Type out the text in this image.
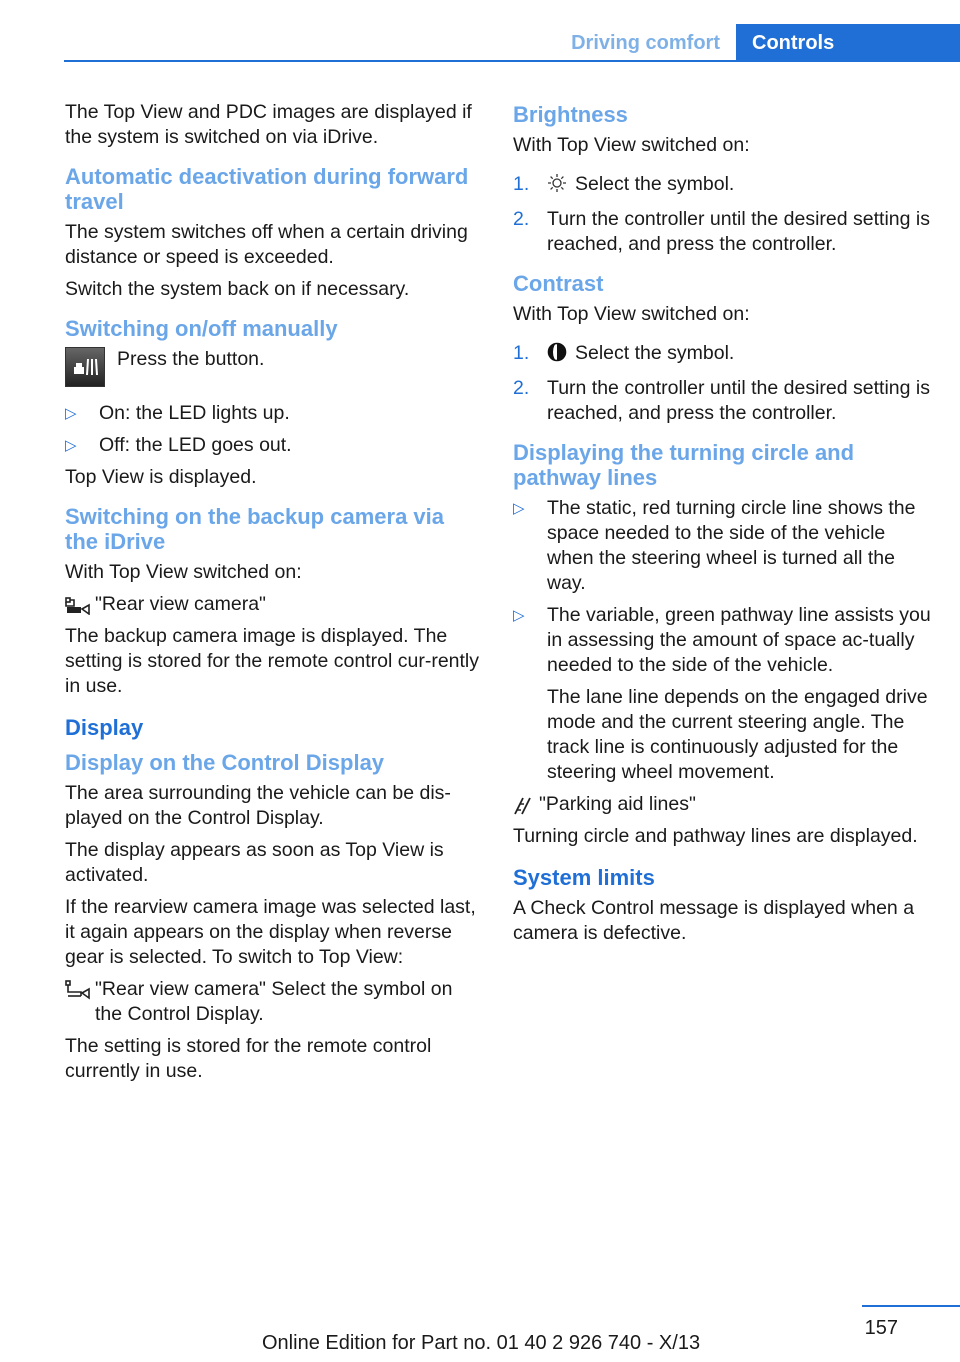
Driving comfort	Controls

The Top View and PDC images are displayed if the system is switched on via iDrive.

Automatic deactivation during forward travel

The system switches off when a certain driving distance or speed is exceeded.

Switch the system back on if necessary.

Switching on/off manually
Press the button.
▷ On: the LED lights up.
▷ Off: the LED goes out.

Top View is displayed.

Switching on the backup camera via the iDrive

With Top View switched on:

"Rear view camera"

The backup camera image is displayed. The setting is stored for the remote control cur-rently in use.

Display
Display on the Control Display

The area surrounding the vehicle can be dis-played on the Control Display.

The display appears as soon as Top View is activated.

If the rearview camera image was selected last, it again appears on the display when reverse gear is selected. To switch to Top View:

"Rear view camera" Select the symbol on the Control Display.

The setting is stored for the remote control currently in use.

Brightness

With Top View switched on:

1. Select the symbol.
2. Turn the controller until the desired setting is reached, and press the controller.
Contrast

With Top View switched on:

1. Select the symbol.
2. Turn the controller until the desired setting is reached, and press the controller.
Displaying the turning circle and pathway lines
▷ The static, red turning circle line shows the space needed to the side of the vehicle when the steering wheel is turned all the way.
▷ The variable, green pathway line assists you in assessing the amount of space ac-tually needed to the side of the vehicle.

The lane line depends on the engaged drive mode and the current steering angle. The track line is continuously adjusted for the steering wheel movement.

"Parking aid lines"

Turning circle and pathway lines are displayed.

System limits

A Check Control message is displayed when a camera is defective.

157
Online Edition for Part no. 01 40 2 926 740 - X/13
